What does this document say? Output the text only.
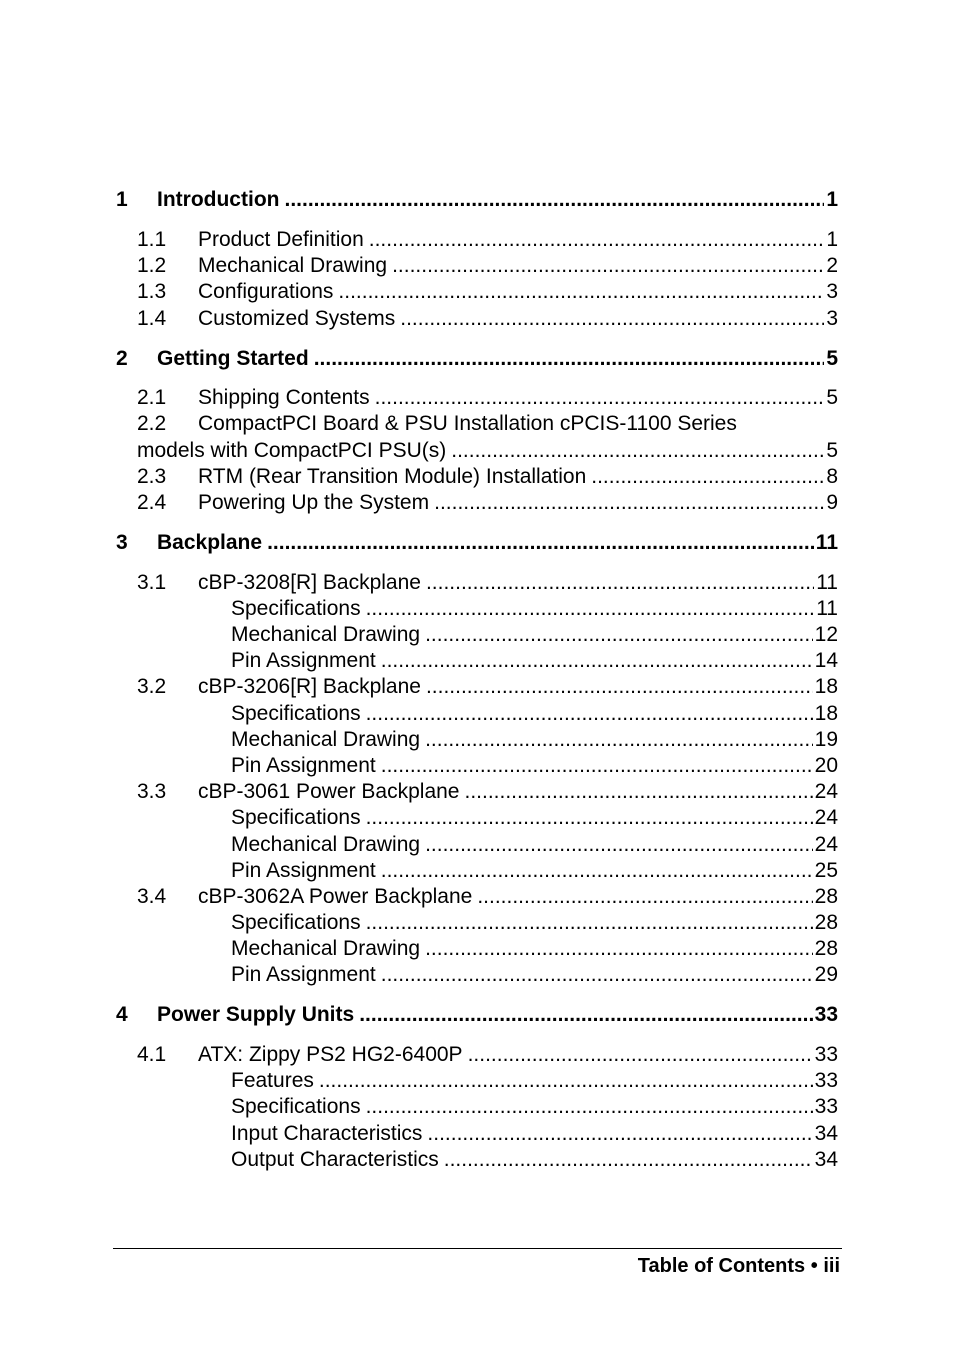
1 Introduction .....	1
1.1 Product Definition .....	1
1.2 Mechanical Drawing .....	2
1.3 Configurations .....	3
1.4 Customized Systems .....	3
2 Getting Started .....	5
2.1 Shipping Contents .....	5
2.2 CompactPCI Board & PSU Installation cPCIS-1100 Series
models with CompactPCI PSU(s) .....	5
2.3 RTM (Rear Transition Module) Installation .....	8
2.4 Powering Up the System .....	9
3 Backplane .....	11
3.1 cBP-3208[R] Backplane .....	11
Specifications .....	11
Mechanical Drawing .....	12
Pin Assignment .....	14
3.2 cBP-3206[R] Backplane .....	18
Specifications .....	18
Mechanical Drawing .....	19
Pin Assignment .....	20
3.3 cBP-3061 Power Backplane .....	24
Specifications .....	24
Mechanical Drawing .....	24
Pin Assignment .....	25
3.4 cBP-3062A Power Backplane .....	28
Specifications .....	28
Mechanical Drawing .....	28
Pin Assignment .....	29
4 Power Supply Units .....	33
4.1 ATX: Zippy PS2 HG2-6400P .....	33
Features .....	33
Specifications .....	33
Input Characteristics .....	34
Output Characteristics .....	34
Table of Contents • iii
